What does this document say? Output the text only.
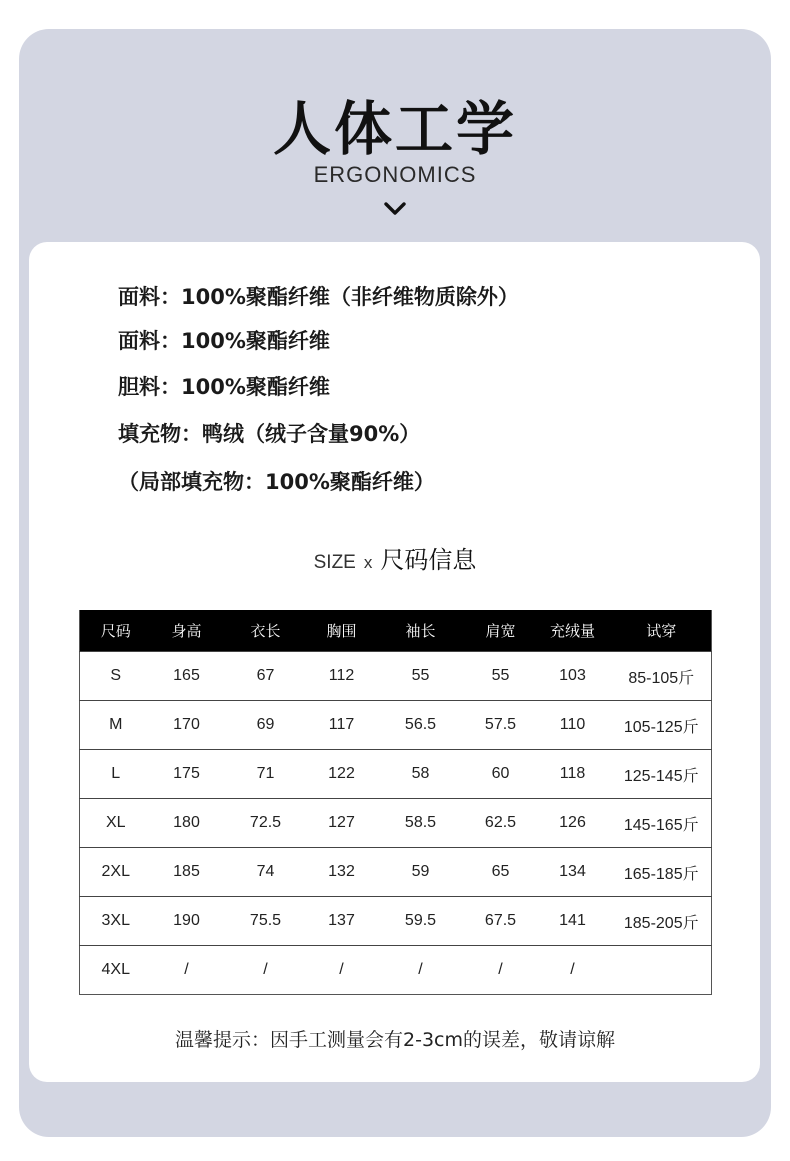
人体工学
ERGONOMICS
面料：100%聚酯纤维（非纤维物质除外）
面料：100%聚酯纤维
胆料：100%聚酯纤维
填充物：鸭绒（绒子含量90%）
（局部填充物：100%聚酯纤维）
SIZE x 尺码信息
尺码	身高	衣长	胸围	袖长	肩宽	充绒量	试穿
S	165	67	112	55	55	103	85-105斤
M	170	69	117	56.5	57.5	110	105-125斤
L	175	71	122	58	60	118	125-145斤
XL	180	72.5	127	58.5	62.5	126	145-165斤
2XL	185	74	132	59	65	134	165-185斤
3XL	190	75.5	137	59.5	67.5	141	185-205斤
4XL	/	/	/	/	/	/	
温馨提示：因手工测量会有2-3cm的误差，敬请谅解
